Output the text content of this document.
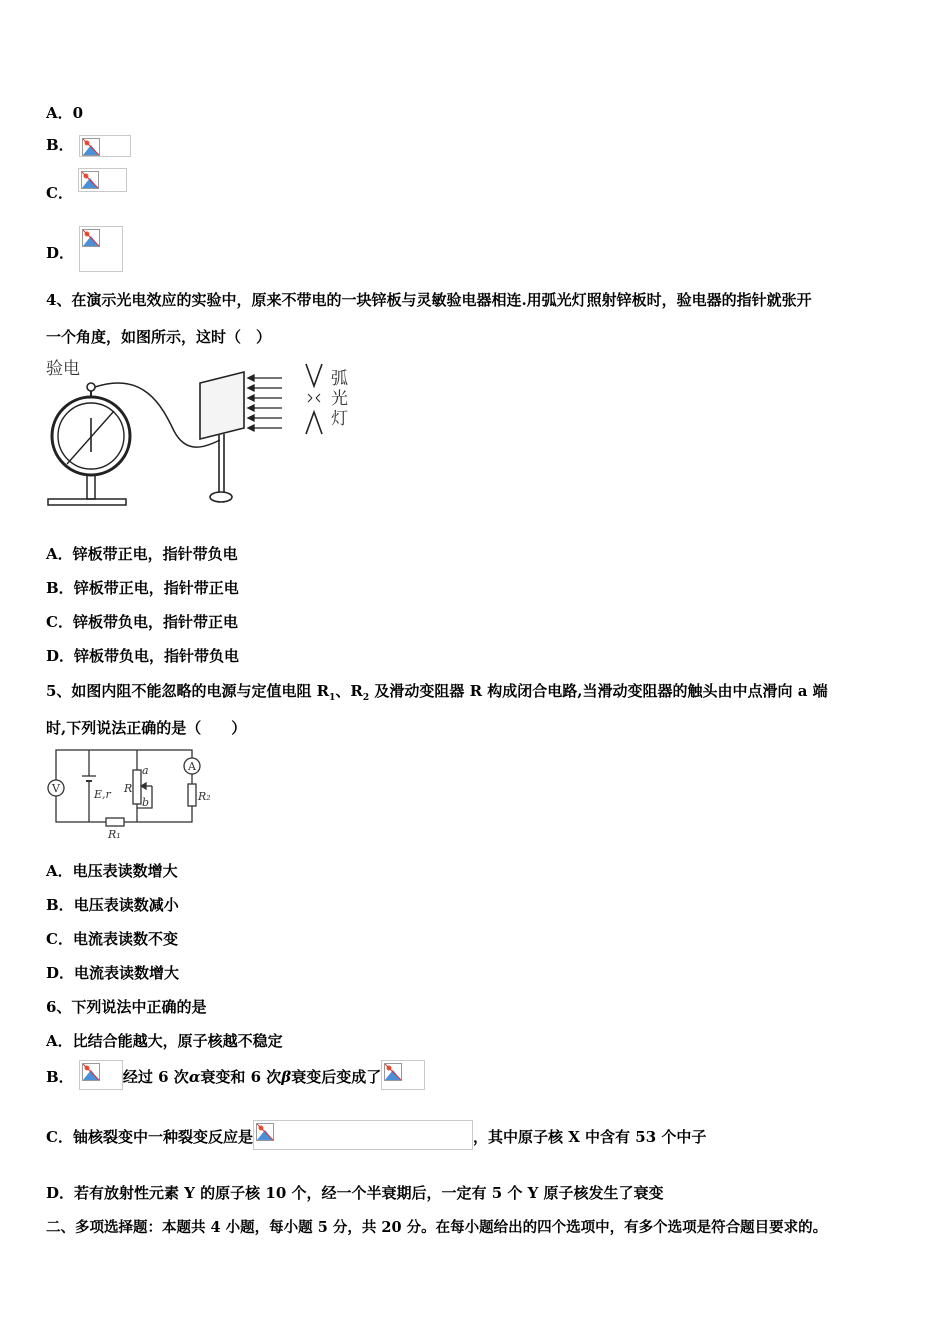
A．0
B．
C．
D．
4、在演示光电效应的实验中，原来不带电的一块锌板与灵敏验电器相连.用弧光灯照射锌板时，验电器的指针就张开
一个角度，如图所示，这时（　）
验电	弧
光
灯
A．锌板带正电，指针带负电
B．锌板带正电，指针带正电
C．锌板带负电，指针带正电
D．锌板带负电，指针带负电
5、如图内阻不能忽略的电源与定值电阻 $R_1$、$R_2$ 及滑动变阻器 R 构成闭合电路,当滑动变阻器的触头由中点滑向 a 端
时,下列说法正确的是（　　）
V
A
E,r R
a
b
R₁
R₂
A．电压表读数增大
B．电压表读数减小
C．电流表读数不变
D．电流表读数增大
6、下列说法中正确的是
A．比结合能越大，原子核越不稳定
B．	经过 6 次α衰变和 6 次β衰变后变成了
C．铀核裂变中一种裂变反应是	，其中原子核 X 中含有 53 个中子
D．若有放射性元素 Y 的原子核 10 个，经一个半衰期后，一定有 5 个 Y 原子核发生了衰变
二、多项选择题：本题共 4 小题，每小题 5 分，共 20 分。在每小题给出的四个选项中，有多个选项是符合题目要求的。
